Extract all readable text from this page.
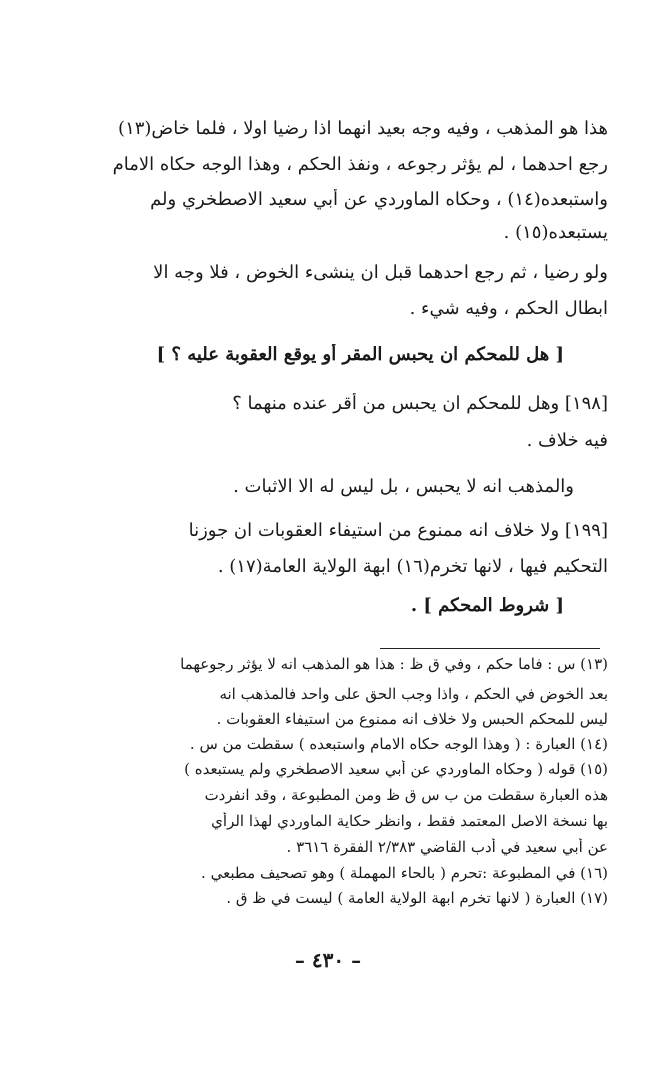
هذا هو المذهب ، وفيه وجه بعيد انهما اذا رضيا اولا ، فلما خاض(١٣)
رجع احدهما ، لم يؤثر رجوعه ، ونفذ الحكم ، وهذا الوجه حكاه الامام
واستبعده(١٤) ، وحكاه الماوردي عن أبي سعيد الاصطخري ولم
يستبعده(١٥) .
ولو رضيا ، ثم رجع احدهما قبل ان ينشىء الخوض ، فلا وجه الا
ابطال الحكم ، وفيه شيء .
[ هل للمحكم ان يحبس المقر أو يوقع العقوبة عليه ؟ ]
[١٩٨] وهل للمحكم ان يحبس من أقر عنده منهما ؟
فيه خلاف .
والمذهب انه لا يحبس ، بل ليس له الا الاثبات .
[١٩٩] ولا خلاف انه ممنوع من استيفاء العقوبات ان جوزنا
التحكيم فيها ، لانها تخرم(١٦) ابهة الولاية العامة(١٧) .
[ شروط المحكم ] .
(١٣) س : فاما حكم ، وفي ق ظ : هذا هو المذهب انه لا يؤثر رجوعهما
بعد الخوض في الحكم ، واذا وجب الحق على واحد فالمذهب انه
ليس للمحكم الحبس ولا خلاف انه ممنوع من استيفاء العقوبات .
(١٤) العبارة : ( وهذا الوجه حكاه الامام واستبعده ) سقطت من س .
(١٥) قوله ( وحكاه الماوردي عن أبي سعيد الاصطخري ولم يستبعده )
هذه العبارة سقطت من ب س ق ظ ومن المطبوعة ، وقد انفردت
بها نسخة الاصل المعتمد فقط ، وانظر حكاية الماوردي لهذا الرأي
عن أبي سعيد في أدب القاضي ٢/٣٨٣ الفقرة ٣٦١٦ .
(١٦) في المطبوعة :تحرم ( بالحاء المهملة ) وهو تصحيف مطبعي .
(١٧) العبارة ( لانها تخرم ابهة الولاية العامة ) ليست في ظ ق .
– ٤٣٠ –
